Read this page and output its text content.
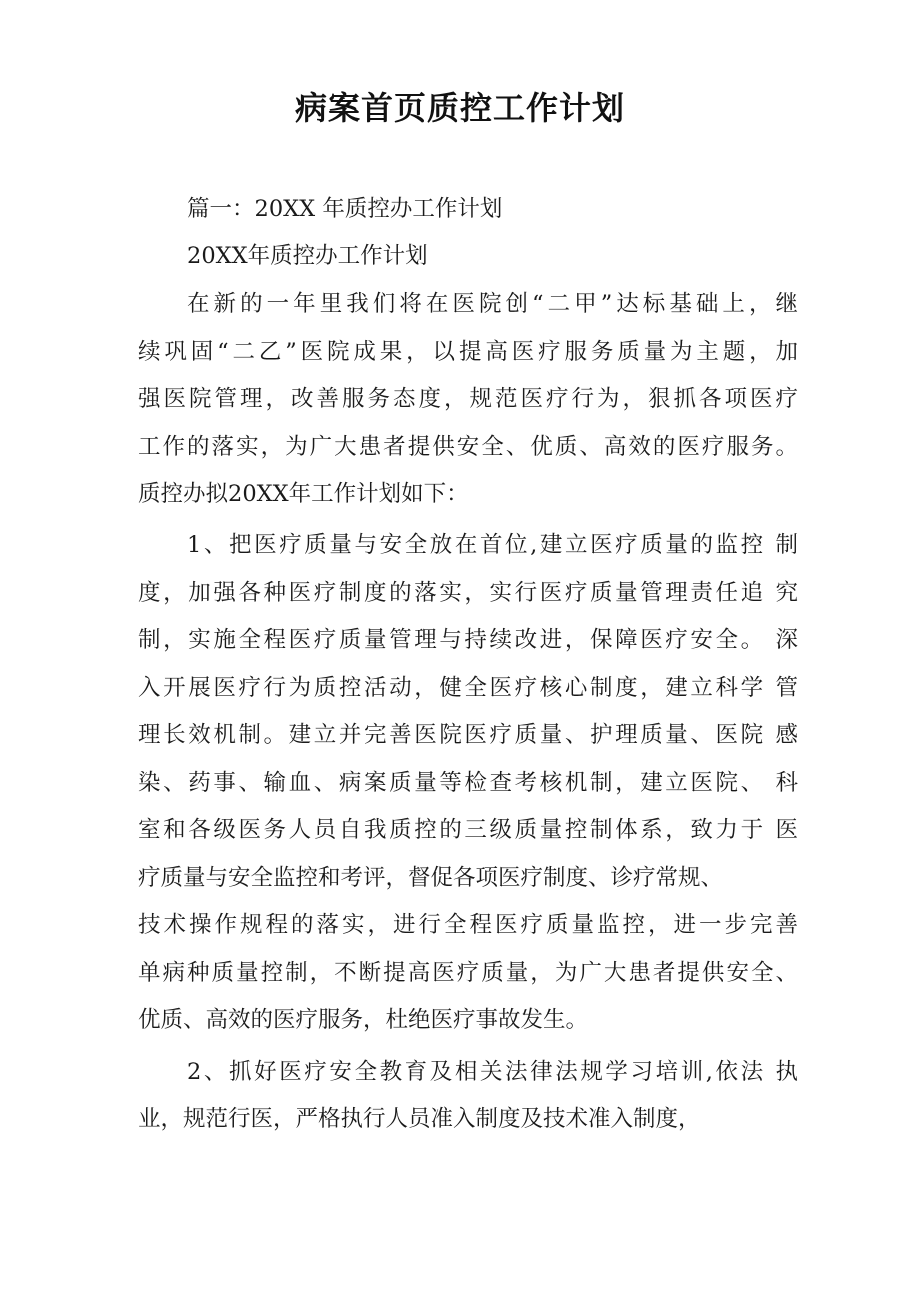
病案首页质控工作计划
篇一：20XX 年质控办工作计划
20XX年质控办工作计划
在新的一年里我们将在医院创“二甲”达标基础上，继
续巩固“二乙”医院成果，以提高医疗服务质量为主题，加
强医院管理，改善服务态度，规范医疗行为，狠抓各项医疗
工作的落实，为广大患者提供安全、优质、高效的医疗服务。
质控办拟20XX年工作计划如下：
1、把医疗质量与安全放在首位,建立医疗质量的监控 制
度，加强各种医疗制度的落实，实行医疗质量管理责任追 究
制，实施全程医疗质量管理与持续改进，保障医疗安全。 深
入开展医疗行为质控活动，健全医疗核心制度，建立科学 管
理长效机制。建立并完善医院医疗质量、护理质量、医院 感
染、药事、输血、病案质量等检查考核机制，建立医院、 科
室和各级医务人员自我质控的三级质量控制体系，致力于 医
疗质量与安全监控和考评，督促各项医疗制度、诊疗常规、
技术操作规程的落实，进行全程医疗质量监控，进一步完善
单病种质量控制，不断提高医疗质量，为广大患者提供安全、
优质、高效的医疗服务，杜绝医疗事故发生。
2、抓好医疗安全教育及相关法律法规学习培训,依法 执
业，规范行医，严格执行人员准入制度及技术准入制度，
